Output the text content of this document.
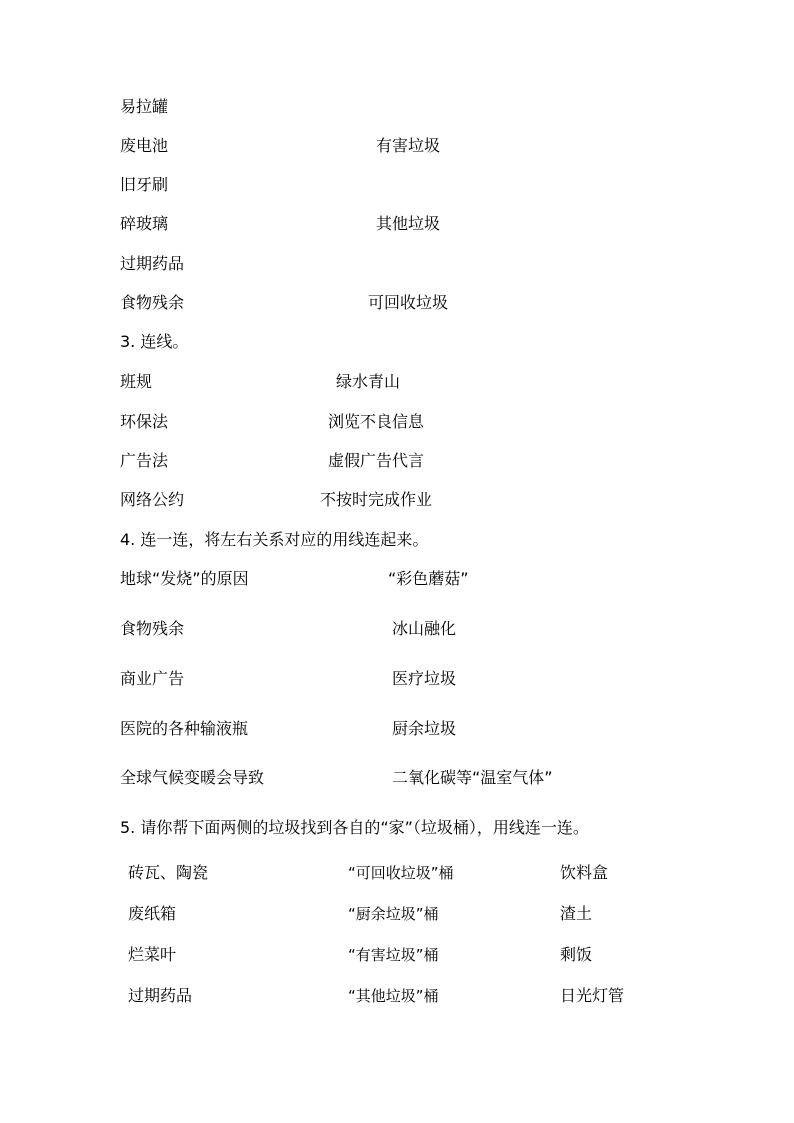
易拉罐
废电池
旧牙刷
碎玻璃
过期药品
食物残余
有害垃圾
其他垃圾
可回收垃圾
3. 连线。
班规
环保法
广告法
网络公约
绿水青山
浏览不良信息
虚假广告代言
不按时完成作业
4. 连一连，将左右关系对应的用线连起来。
地球“发烧”的原因
食物残余
商业广告
医院的各种输液瓶
全球气候变暖会导致
“彩色蘑菇”
冰山融化
医疗垃圾
厨余垃圾
二氧化碳等“温室气体”
5. 请你帮下面两侧的垃圾找到各自的“家”（垃圾桶），用线连一连。
砖瓦、陶瓷
废纸箱
烂菜叶
过期药品
“可回收垃圾”桶
“厨余垃圾”桶
“有害垃圾”桶
“其他垃圾”桶
饮料盒
渣土
剩饭
日光灯管
